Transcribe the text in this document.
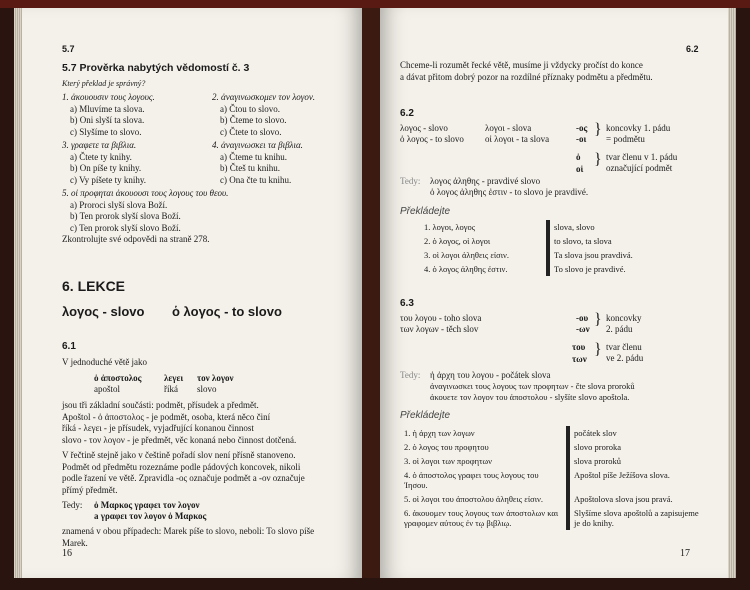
5.7
5.7 Prověrka nabytých vědomostí č. 3
Který překlad je správný?
1. ἀκουουσιν τους λογους.
a) Mluvíme ta slova.
b) Oni slyší ta slova.
c) Slyšíme to slovo.
2. ἀναγινωσκομεν τον λογον.
a) Čtou to slovo.
b) Čteme to slovo.
c) Čtete to slovo.
3. γραφετε τα βιβλια.
a) Čtete ty knihy.
b) On píše ty knihy.
c) Vy píšete ty knihy.
4. ἀναγινωσκει τα βιβλια.
a) Čteme tu knihu.
b) Čteš tu knihu.
c) Ona čte tu knihu.
5. οἱ προφηται ἀκουουσι τους λογους του θεου.
a) Proroci slyší slova Boží.
b) Ten prorok slyší slova Boží.
c) Ten prorok slyší slovo Boží.
Zkontrolujte své odpovědi na straně 278.
6. LEKCE
λογος - slovo ὁ λογος - to slovo
6.1
V jednoduché větě jako
ὁ ἀποστολος	λεγει τον λογον
apoštol	říká slovo
jsou tři základní součásti: podmět, přísudek a předmět.
Apoštol - ὁ ἀποστολος - je podmět, osoba, která něco činí
říká - λεγει - je přísudek, vyjadřující konanou činnost
slovo - τον λογον - je předmět, věc konaná nebo činnost dotčená.
V řečtině stejně jako v češtině pořadí slov není přísně stanoveno.
Podmět od předmětu rozeznáme podle pádových koncovek, nikoli
podle řazení ve větě. Zpravidla -ος označuje podmět a -ον označuje
přímý předmět.
Tedy: ὁ Μαρκος γραφει τον λογον
a γραφει τον λογον ὁ Μαρκος
znamená v obou případech: Marek píše to slovo, neboli: To slovo píše
Marek.
16
6.2
Chceme-li rozumět řecké větě, musíme ji vždycky pročíst do konce
a dávat přitom dobrý pozor na rozdílné příznaky podmětu a předmětu.
6.2
λογος - slovo	λογοι - slova	-ος
ὁ λογος - to slovo οἱ λογοι - ta slova	-οι
} koncovky 1. pádu
= podmětu
ὁ
οἱ
} tvar členu v 1. pádu
označující podmět
Tedy: λογος ἀληθης - pravdivé slovo
ὁ λογος ἀληθης ἐστιν - to slovo je pravdivé.
Překládejte
1. λογοι, λογος	slova, slovo
2. ὁ λογος, οἱ λογοι	to slovo, ta slova
3. οἱ λογοι ἀληθεις εἰσιν.	Ta slova jsou pravdivá.
4. ὁ λογος ἀληθης ἐστιν.	To slovo je pravdivé.
6.3
του λογου - toho slova	-ου
των λογων - těch slov	-ων
} koncovky
2. pádu
του
των
} tvar členu
ve 2. pádu
Tedy: ἡ ἀρχη του λογου - počátek slova
ἀναγινωσκει τους λογους των προφητων - čte slova proroků
ἀκουετε τον λογον του ἀποστολου - slyšíte slovo apoštola.
Překládejte
1. ἡ ἀρχη των λογων	počátek slov
2. ὁ λογος του προφητου	slovo proroka
3. οἱ λογοι των προφητων	slova proroků
4. ὁ ἀποστολος γραφει τους λογους του Ἰησου.	Apoštol píše Ježíšova slova.
5. οἱ λογοι του ἀποστολου ἀληθεις εἰσιν.	Apoštolova slova jsou pravá.
6. ἀκουομεν τους λογους των ἀποστολων και γραφομεν αὐτους ἐν τῳ βιβλιῳ.	Slyšíme slova apoštolů a zapisujeme je do knihy.
17
